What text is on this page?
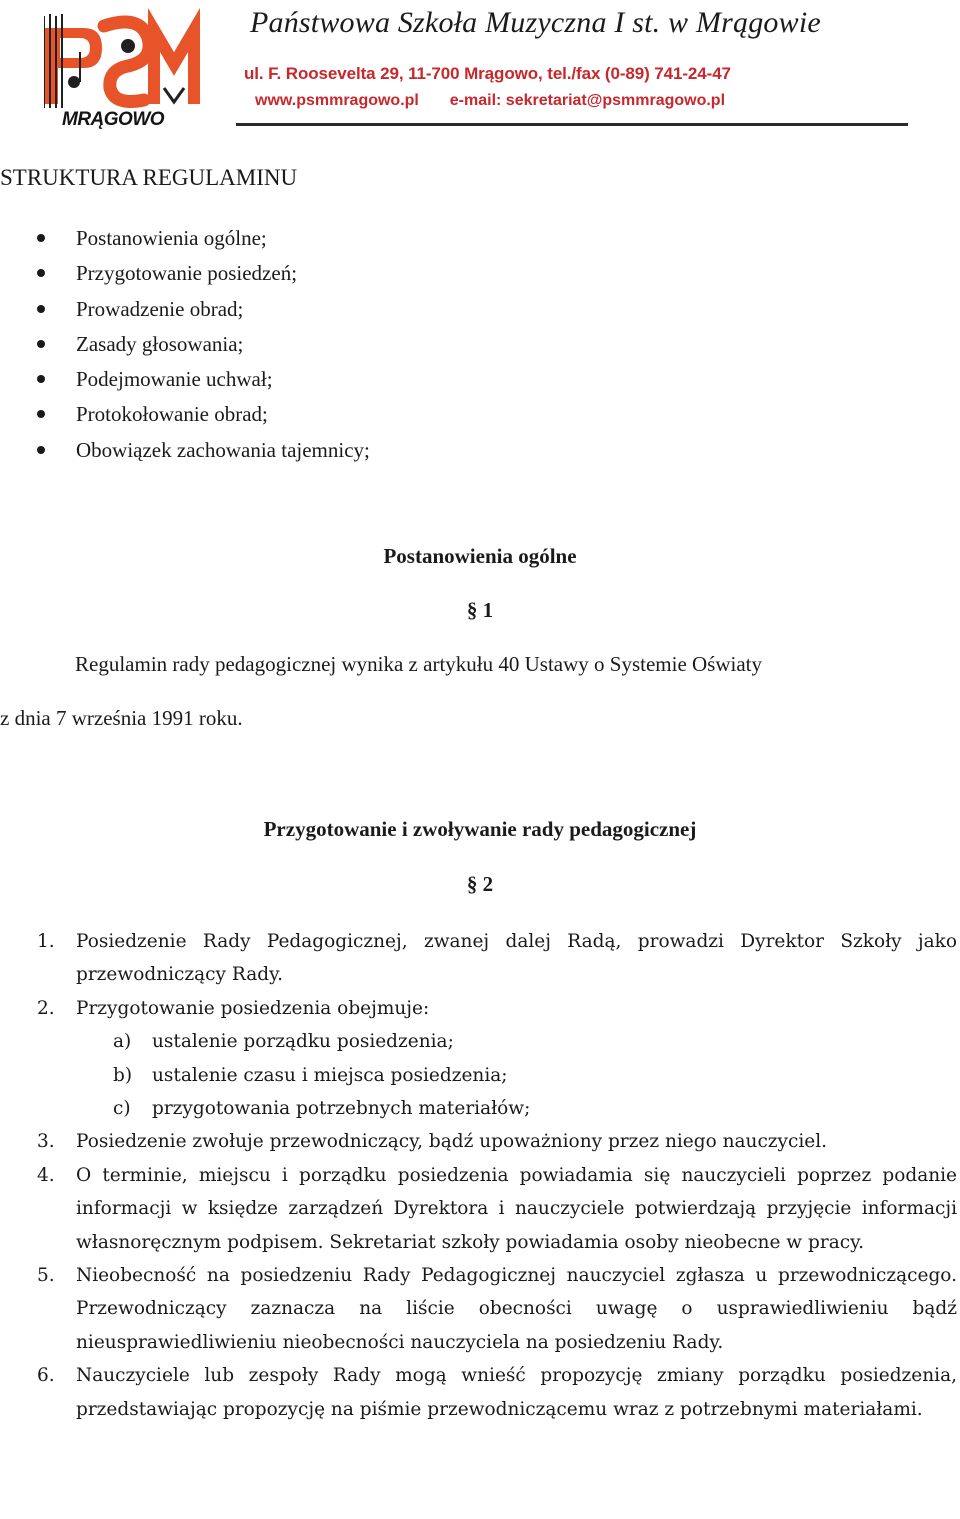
MRĄGOWO
Państwowa Szkoła Muzyczna I st. w Mrągowie
ul. F. Roosevelta 29, 11-700 Mrągowo, tel./fax (0-89) 741-24-47
www.psmmragowo.pl e-mail: sekretariat@psmmragowo.pl
STRUKTURA REGULAMINU
Postanowienia ogólne;
Przygotowanie posiedzeń;
Prowadzenie obrad;
Zasady głosowania;
Podejmowanie uchwał;
Protokołowanie obrad;
Obowiązek zachowania tajemnicy;
Postanowienia ogólne
§ 1
Regulamin rady pedagogicznej wynika z artykułu 40 Ustawy o Systemie Oświaty
z dnia 7 września 1991 roku.
Przygotowanie i zwoływanie rady pedagogicznej
§ 2
1. Posiedzenie Rady Pedagogicznej, zwanej dalej Radą, prowadzi Dyrektor Szkoły jako przewodniczący Rady.
2. Przygotowanie posiedzenia obejmuje:
a) ustalenie porządku posiedzenia;
b) ustalenie czasu i miejsca posiedzenia;
c) przygotowania potrzebnych materiałów;
3. Posiedzenie zwołuje przewodniczący, bądź upoważniony przez niego nauczyciel.
4. O terminie, miejscu i porządku posiedzenia powiadamia się nauczycieli poprzez podanie informacji w księdze zarządzeń Dyrektora i nauczyciele potwierdzają przyjęcie informacji własnoręcznym podpisem. Sekretariat szkoły powiadamia osoby nieobecne w pracy.
5. Nieobecność na posiedzeniu Rady Pedagogicznej nauczyciel zgłasza u przewodniczącego. Przewodniczący zaznacza na liście obecności uwagę o usprawiedliwieniu bądź nieusprawiedliwieniu nieobecności nauczyciela na posiedzeniu Rady.
6. Nauczyciele lub zespoły Rady mogą wnieść propozycję zmiany porządku posiedzenia, przedstawiając propozycję na piśmie przewodniczącemu wraz z potrzebnymi materiałami.
